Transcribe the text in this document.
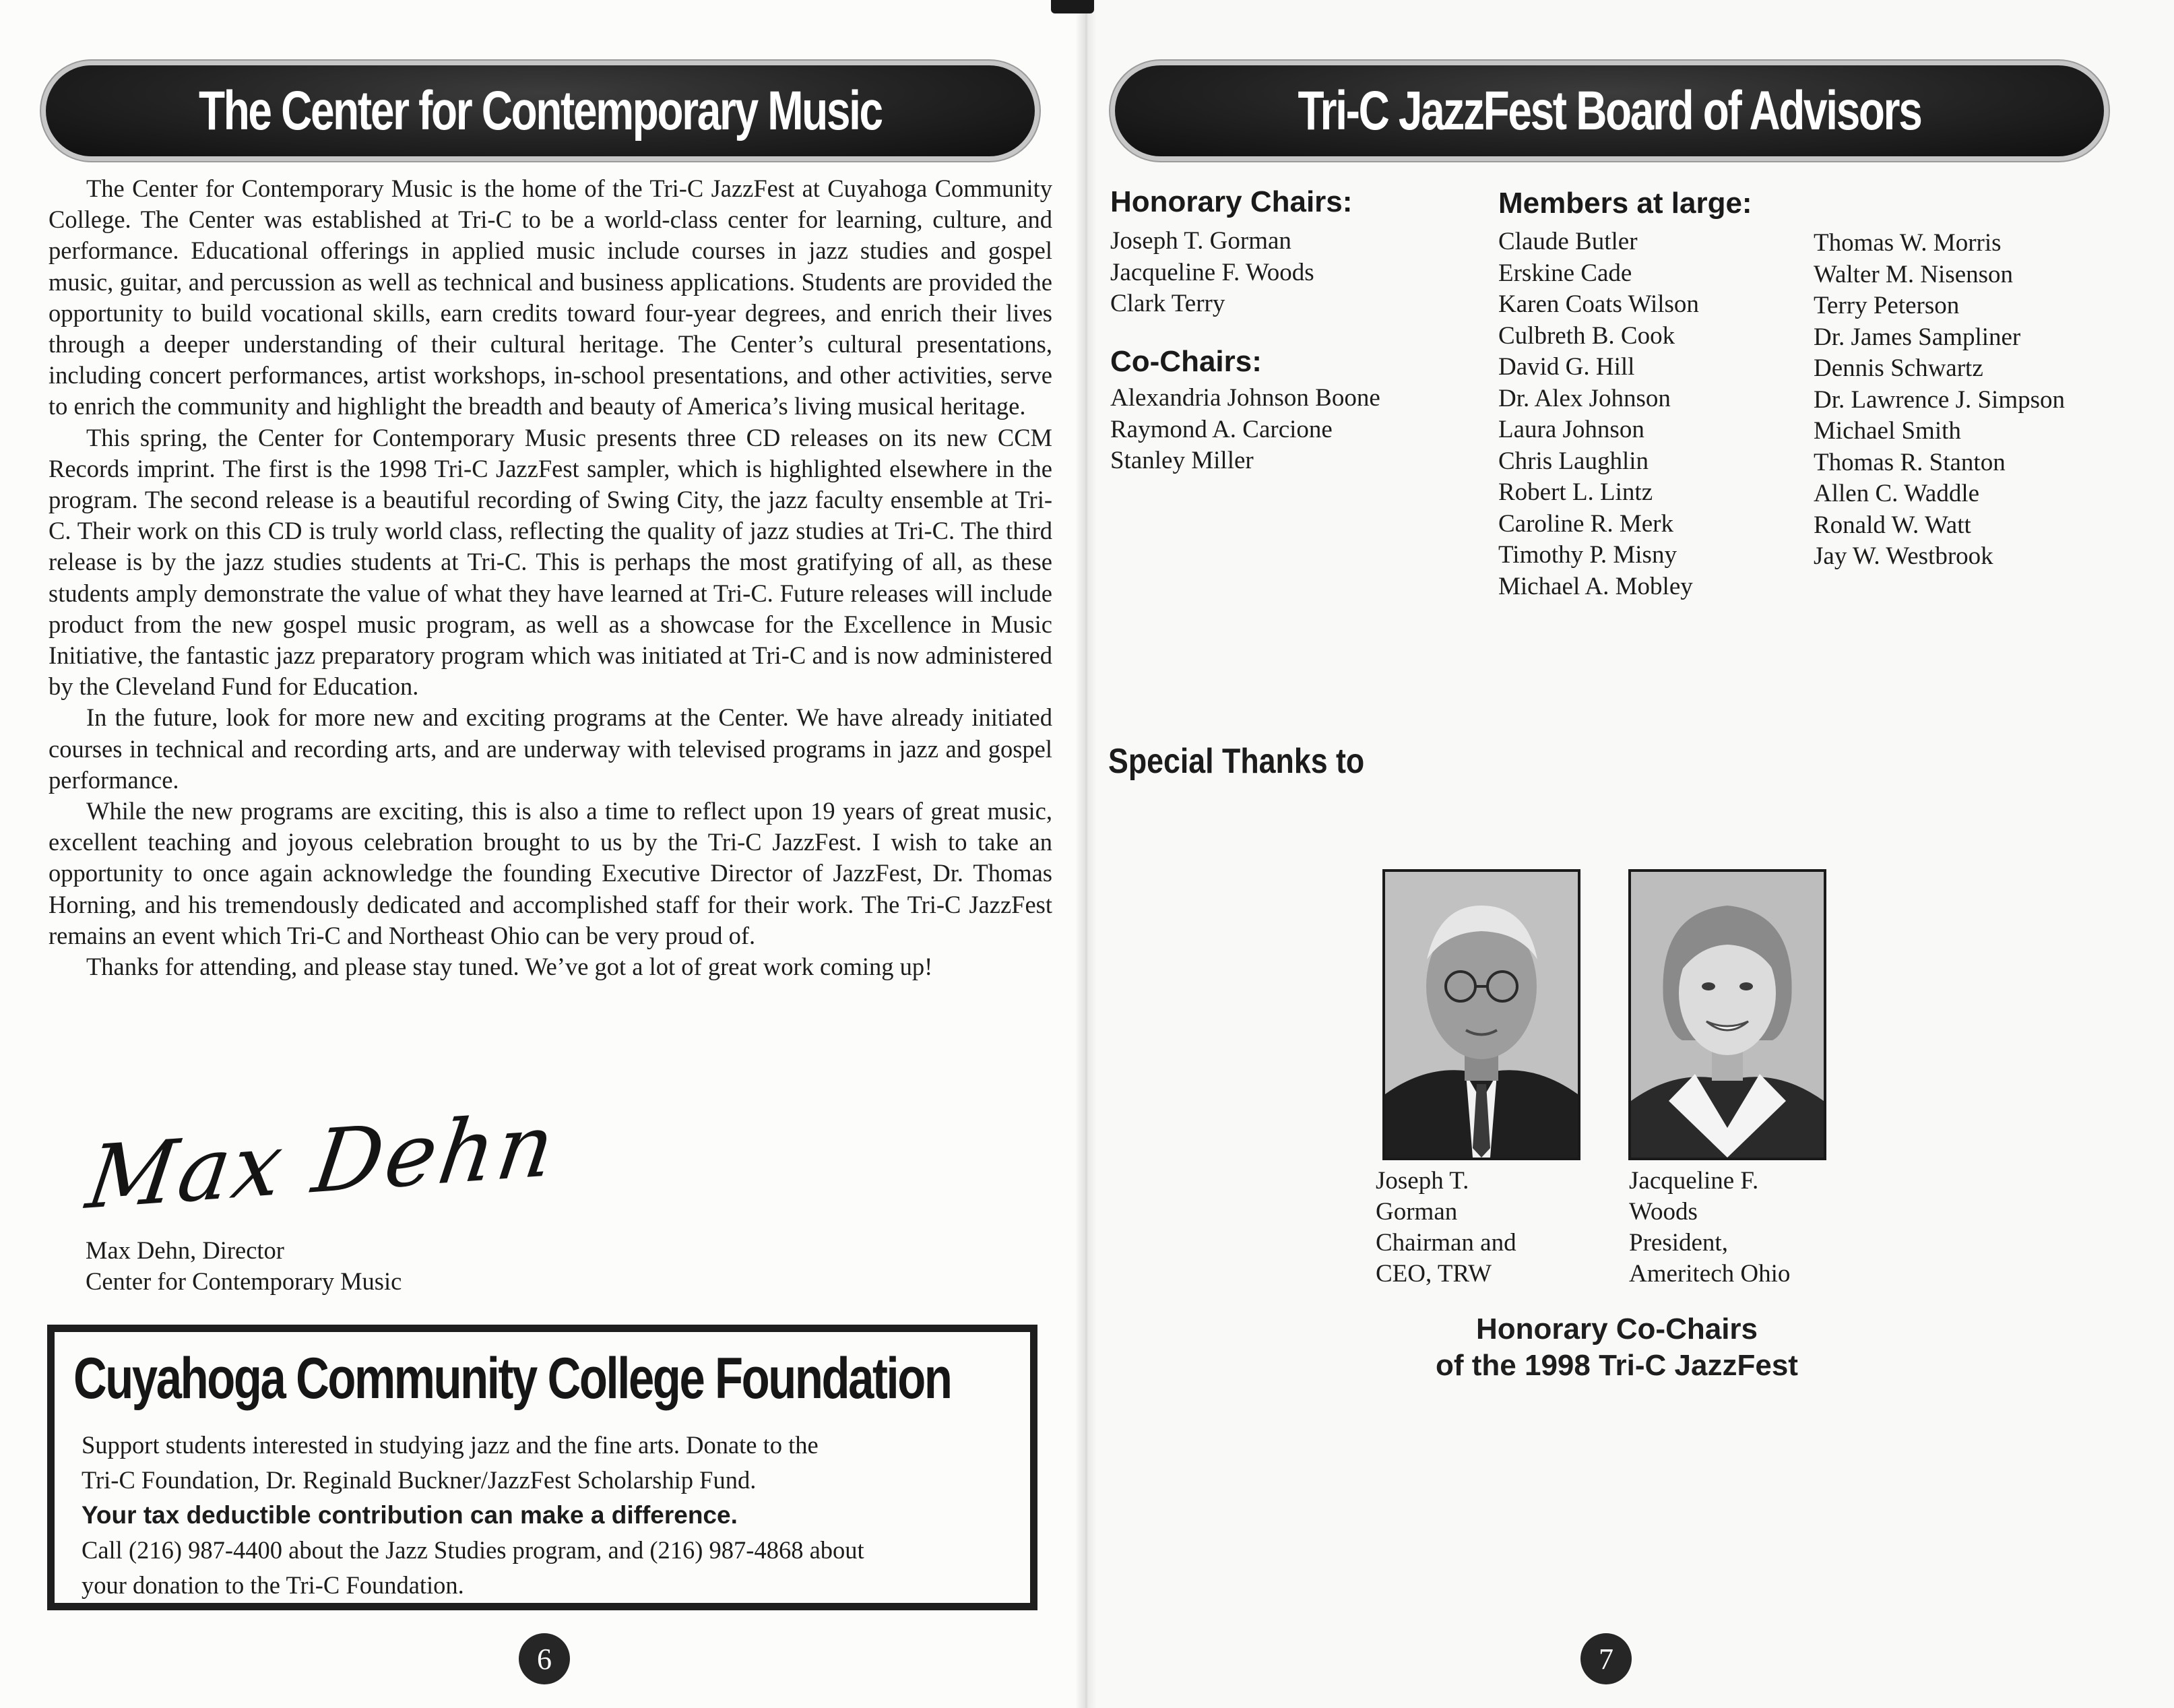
The Center for Contemporary Music

The Center for Contemporary Music is the home of the Tri-C JazzFest at Cuyahoga Community College. The Center was established at Tri-C to be a world-class center for learning, culture, and performance. Educational offerings in applied music include courses in jazz studies and gospel music, guitar, and percussion as well as technical and business applications. Students are provided the opportunity to build vocational skills, earn credits toward four-year degrees, and enrich their lives through a deeper understanding of their cultural heritage. The Center’s cultural presentations, including concert performances, artist workshops, in-school presentations, and other activities, serve to enrich the community and highlight the breadth and beauty of America’s living musical heritage.

This spring, the Center for Contemporary Music presents three CD releases on its new CCM Records imprint. The first is the 1998 Tri-C JazzFest sampler, which is highlighted elsewhere in the program. The second release is a beautiful recording of Swing City, the jazz faculty ensemble at Tri-C. Their work on this CD is truly world class, reflecting the quality of jazz studies at Tri-C. The third release is by the jazz studies students at Tri-C. This is perhaps the most gratifying of all, as these students amply demonstrate the value of what they have learned at Tri-C. Future releases will include product from the new gospel music program, as well as a showcase for the Excellence in Music Initiative, the fantastic jazz preparatory program which was initiated at Tri-C and is now administered by the Cleveland Fund for Education.

In the future, look for more new and exciting programs at the Center. We have already initiated courses in technical and recording arts, and are underway with televised programs in jazz and gospel performance.

While the new programs are exciting, this is also a time to reflect upon 19 years of great music, excellent teaching and joyous celebration brought to us by the Tri-C JazzFest. I wish to take an opportunity to once again acknowledge the founding Executive Director of JazzFest, Dr. Thomas Horning, and his tremendously dedicated and accomplished staff for their work. The Tri-C JazzFest remains an event which Tri-C and Northeast Ohio can be very proud of.

Thanks for attending, and please stay tuned. We’ve got a lot of great work coming up!

Max Dehn
Max Dehn, Director
Center for Contemporary Music
Cuyahoga Community College Foundation
Support students interested in studying jazz and the fine arts. Donate to the
Tri-C Foundation, Dr. Reginald Buckner/JazzFest Scholarship Fund.
Your tax deductible contribution can make a difference.
Call (216) 987-4400 about the Jazz Studies program, and (216) 987-4868 about
your donation to the Tri-C Foundation.
6
Tri-C JazzFest Board of Advisors
Honorary Chairs:
Joseph T. Gorman
Jacqueline F. Woods
Clark Terry
Co-Chairs:
Alexandria Johnson Boone
Raymond A. Carcione
Stanley Miller
Members at large:
Claude Butler
Erskine Cade
Karen Coats Wilson
Culbreth B. Cook
David G. Hill
Dr. Alex Johnson
Laura Johnson
Chris Laughlin
Robert L. Lintz
Caroline R. Merk
Timothy P. Misny
Michael A. Mobley
Thomas W. Morris
Walter M. Nisenson
Terry Peterson
Dr. James Sampliner
Dennis Schwartz
Dr. Lawrence J. Simpson
Michael Smith
Thomas R. Stanton
Allen C. Waddle
Ronald W. Watt
Jay W. Westbrook
Special Thanks to
Joseph T.
Gorman
Chairman and
CEO, TRW
Jacqueline F.
Woods
President,
Ameritech Ohio
Honorary Co-Chairs
of the 1998 Tri-C JazzFest
7
